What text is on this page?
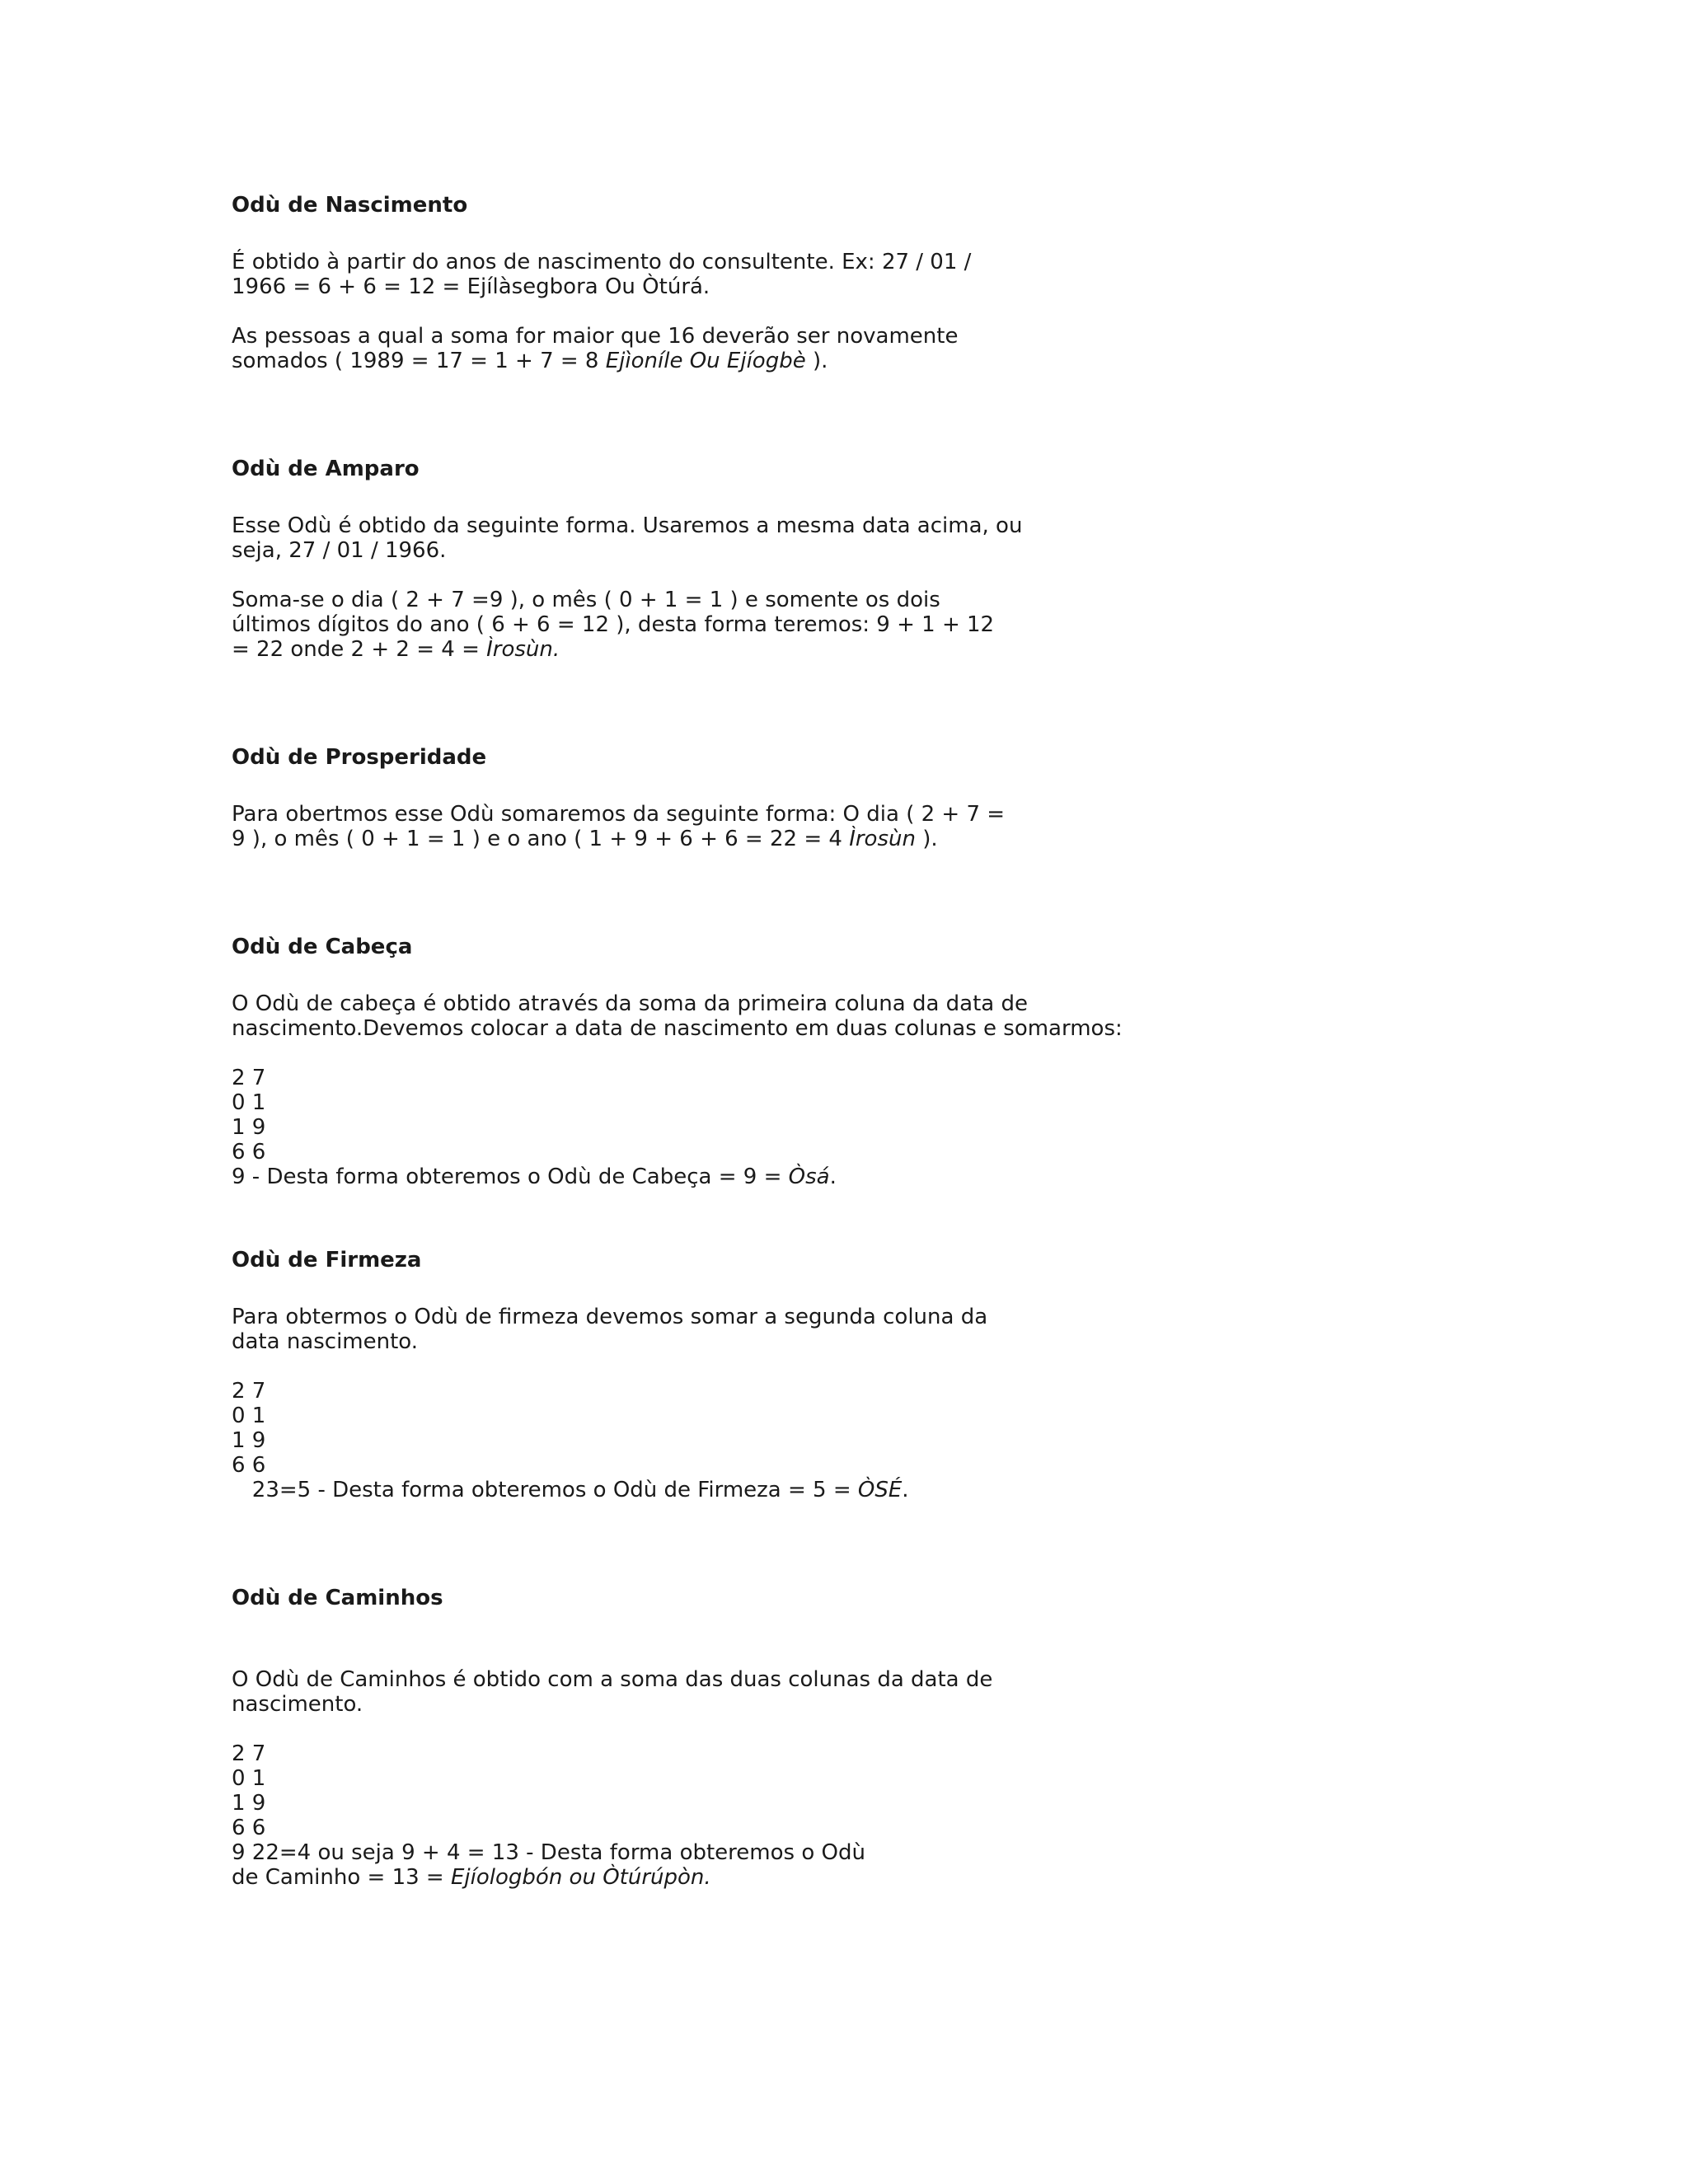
Odù de Nascimento
É obtido à partir do anos de nascimento do consultente. Ex: 27 / 01 /
1966 = 6 + 6 = 12 = Ejílàsegbora Ou Òtúrá.
As pessoas a qual a soma for maior que 16 deverão ser novamente
somados ( 1989 = 17 = 1 + 7 = 8 Ejìoníle Ou Ejíogbè ).
Odù de Amparo
Esse Odù é obtido da seguinte forma. Usaremos a mesma data acima, ou
seja, 27 / 01 / 1966.
Soma-se o dia ( 2 + 7 =9 ), o mês ( 0 + 1 = 1 ) e somente os dois
últimos dígitos do ano ( 6 + 6 = 12 ), desta forma teremos: 9 + 1 + 12
= 22 onde 2 + 2 = 4 = Ìrosùn.
Odù de Prosperidade
Para obertmos esse Odù somaremos da seguinte forma: O dia ( 2 + 7 =
9 ), o mês ( 0 + 1 = 1 ) e o ano ( 1 + 9 + 6 + 6 = 22 = 4 Ìrosùn ).
Odù de Cabeça
O Odù de cabeça é obtido através da soma da primeira coluna da data de
nascimento.Devemos colocar a data de nascimento em duas colunas e somarmos:
2 7
0 1
1 9
6 6
9 - Desta forma obteremos o Odù de Cabeça = 9 = Òsá.
Odù de Firmeza
Para obtermos o Odù de firmeza devemos somar a segunda coluna da
data nascimento.
2 7
0 1
1 9
6 6
23=5 - Desta forma obteremos o Odù de Firmeza = 5 = ÒSÉ.
Odù de Caminhos
O Odù de Caminhos é obtido com a soma das duas colunas da data de
nascimento.
2 7
0 1
1 9
6 6
9 22=4 ou seja 9 + 4 = 13 - Desta forma obteremos o Odù
de Caminho = 13 = Ejíologbón ou Òtúrúpòn.
